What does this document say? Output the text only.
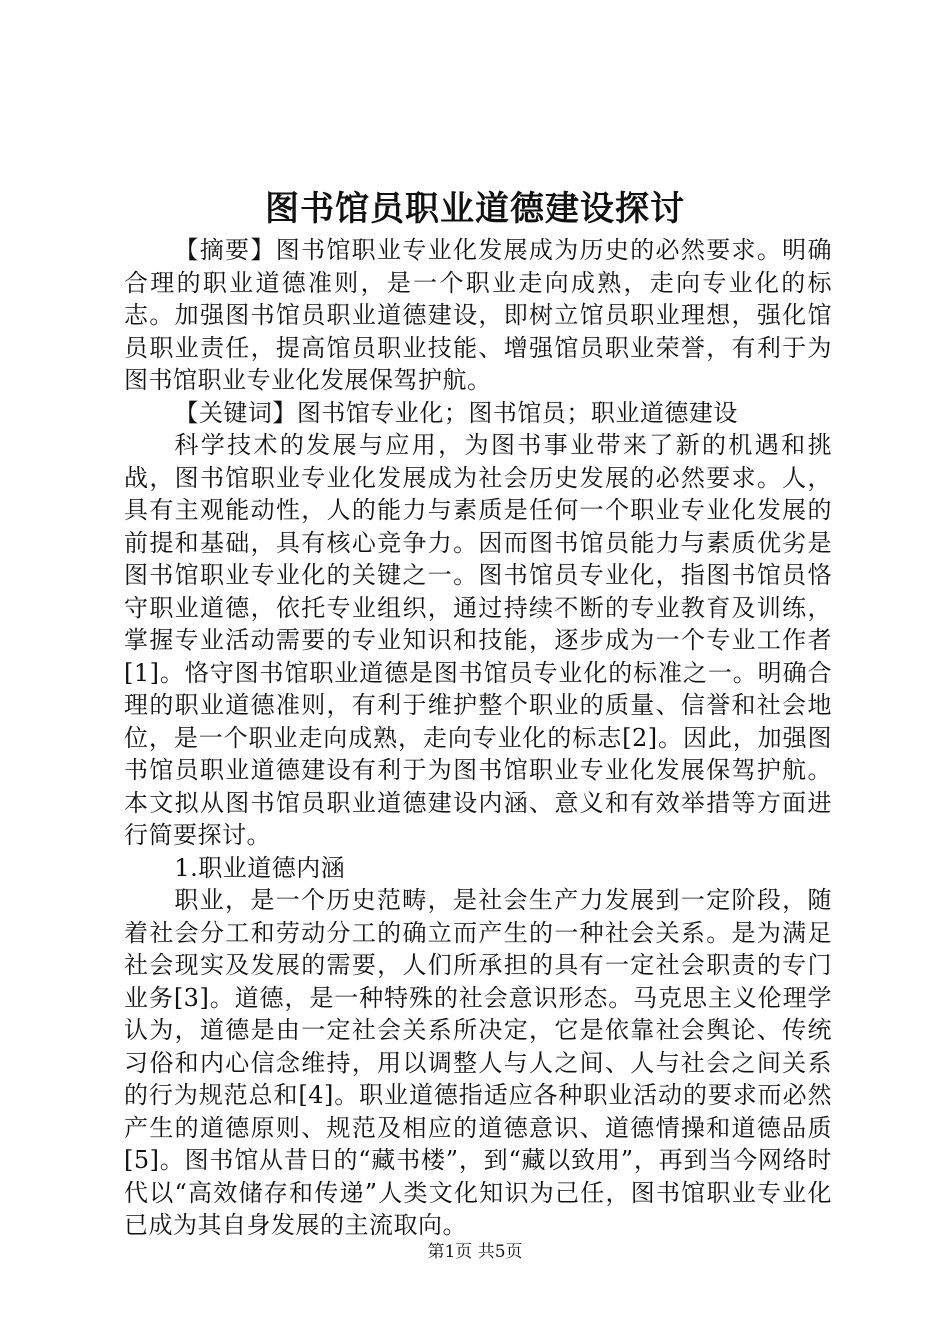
图书馆员职业道德建设探讨

【摘要】图书馆职业专业化发展成为历史的必然要求。明确合理的职业道德准则，是一个职业走向成熟，走向专业化的标志。加强图书馆员职业道德建设，即树立馆员职业理想，强化馆员职业责任，提高馆员职业技能、增强馆员职业荣誉，有利于为图书馆职业专业化发展保驾护航。

【关键词】图书馆专业化；图书馆员；职业道德建设

科学技术的发展与应用，为图书事业带来了新的机遇和挑战，图书馆职业专业化发展成为社会历史发展的必然要求。人，具有主观能动性，人的能力与素质是任何一个职业专业化发展的前提和基础，具有核心竞争力。因而图书馆员能力与素质优劣是图书馆职业专业化的关键之一。图书馆员专业化，指图书馆员恪守职业道德，依托专业组织，通过持续不断的专业教育及训练，掌握专业活动需要的专业知识和技能，逐步成为一个专业工作者[1]。恪守图书馆职业道德是图书馆员专业化的标准之一。明确合理的职业道德准则，有利于维护整个职业的质量、信誉和社会地位，是一个职业走向成熟，走向专业化的标志[2]。因此，加强图书馆员职业道德建设有利于为图书馆职业专业化发展保驾护航。本文拟从图书馆员职业道德建设内涵、意义和有效举措等方面进行简要探讨。

1.职业道德内涵

职业，是一个历史范畴，是社会生产力发展到一定阶段，随着社会分工和劳动分工的确立而产生的一种社会关系。是为满足社会现实及发展的需要，人们所承担的具有一定社会职责的专门业务[3]。道德，是一种特殊的社会意识形态。马克思主义伦理学认为，道德是由一定社会关系所决定，它是依靠社会舆论、传统习俗和内心信念维持，用以调整人与人之间、人与社会之间关系的行为规范总和[4]。职业道德指适应各种职业活动的要求而必然产生的道德原则、规范及相应的道德意识、道德情操和道德品质[5]。图书馆从昔日的“藏书楼”，到“藏以致用”，再到当今网络时代以“高效储存和传递”人类文化知识为己任，图书馆职业专业化已成为其自身发展的主流取向。

第1页 共5页
